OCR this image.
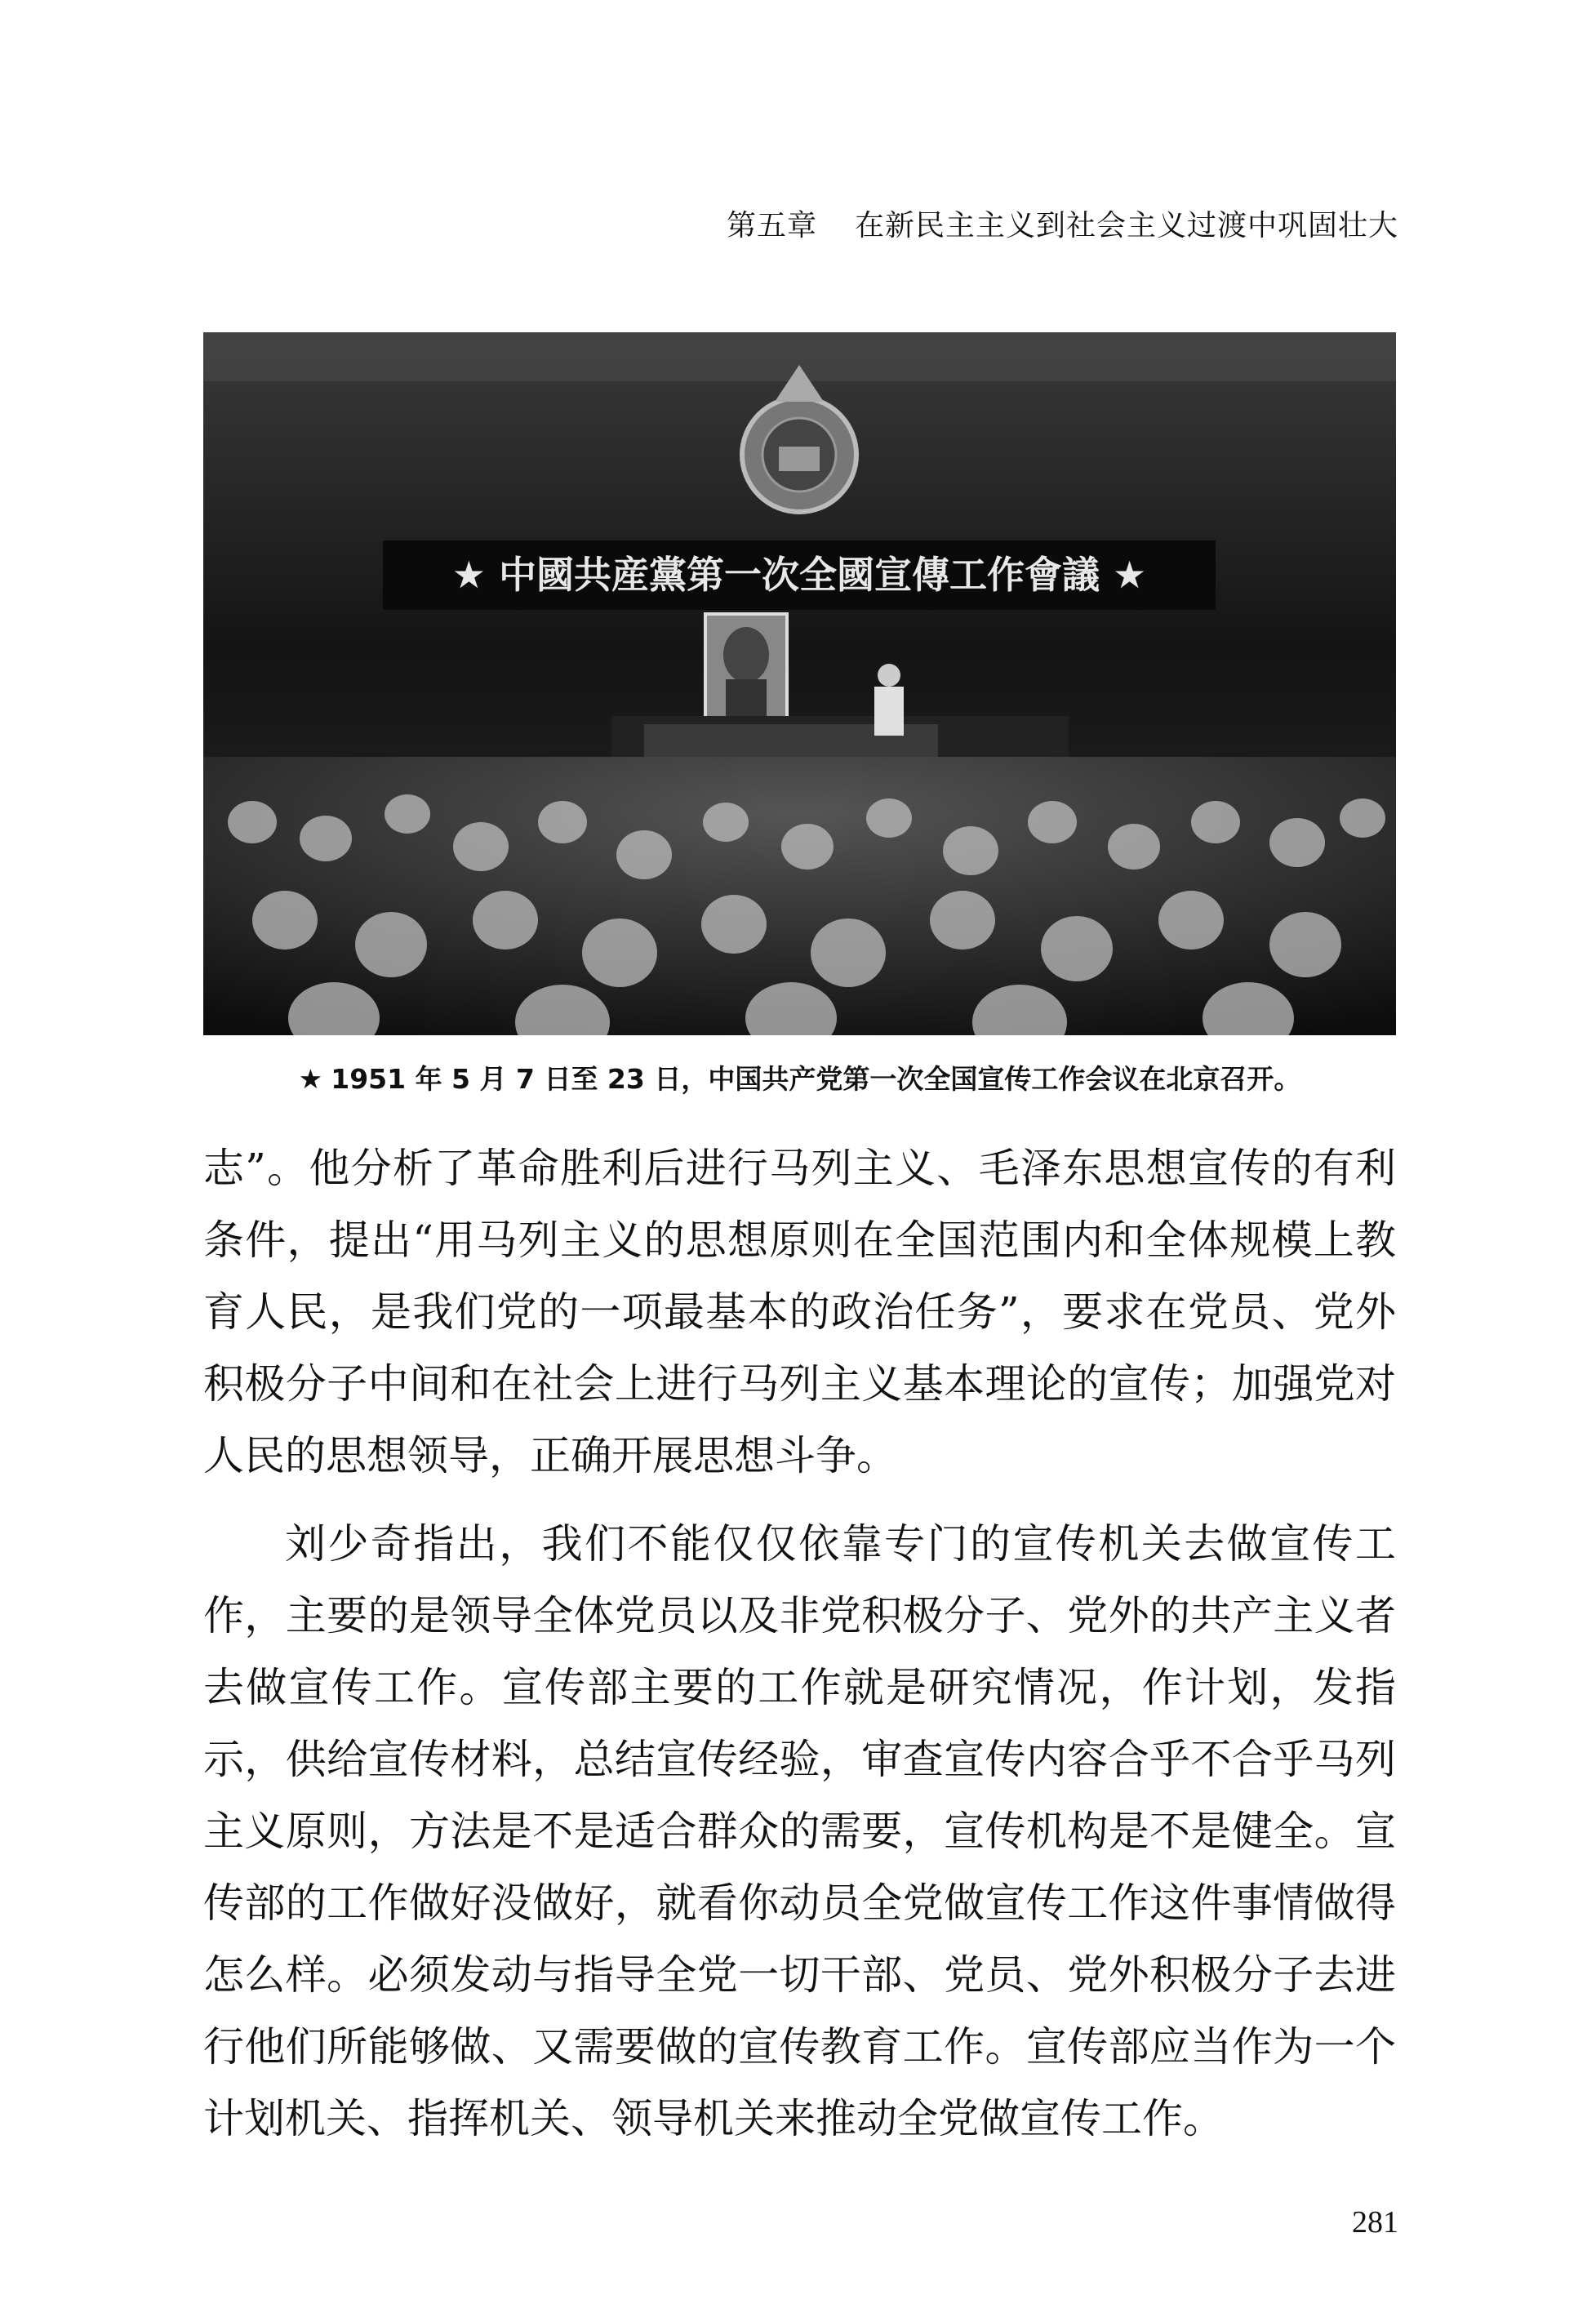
第五章 在新民主主义到社会主义过渡中巩固壮大
★ 中國共産黨第一次全國宣傳工作會議 ★
★ 1951 年 5 月 7 日至 23 日，中国共产党第一次全国宣传工作会议在北京召开。

志”。他分析了革命胜利后进行马列主义、毛泽东思想宣传的有利条件，提出“用马列主义的思想原则在全国范围内和全体规模上教育人民，是我们党的一项最基本的政治任务”，要求在党员、党外积极分子中间和在社会上进行马列主义基本理论的宣传；加强党对人民的思想领导，正确开展思想斗争。

刘少奇指出，我们不能仅仅依靠专门的宣传机关去做宣传工作，主要的是领导全体党员以及非党积极分子、党外的共产主义者去做宣传工作。宣传部主要的工作就是研究情况，作计划，发指示，供给宣传材料，总结宣传经验，审查宣传内容合乎不合乎马列主义原则，方法是不是适合群众的需要，宣传机构是不是健全。宣传部的工作做好没做好，就看你动员全党做宣传工作这件事情做得怎么样。必须发动与指导全党一切干部、党员、党外积极分子去进行他们所能够做、又需要做的宣传教育工作。宣传部应当作为一个计划机关、指挥机关、领导机关来推动全党做宣传工作。

281
